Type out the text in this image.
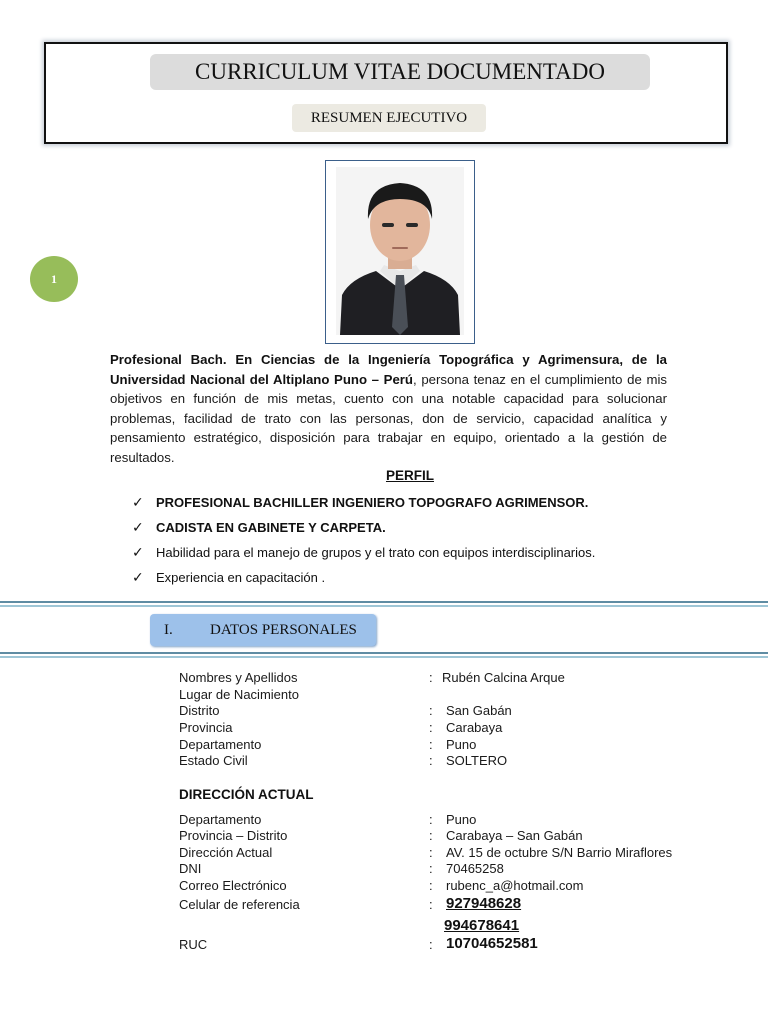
CURRICULUM VITAE DOCUMENTADO
RESUMEN EJECUTIVO
1
Profesional Bach. En Ciencias de la Ingeniería Topográfica y Agrimensura, de la Universidad Nacional del Altiplano Puno – Perú, persona tenaz en el cumplimiento de mis objetivos en función de mis metas, cuento con una notable capacidad para solucionar problemas, facilidad de trato con las personas, don de servicio, capacidad analítica y pensamiento estratégico, disposición para trabajar en equipo, orientado a la gestión de resultados.
PERFIL
✓ PROFESIONAL BACHILLER INGENIERO TOPOGRAFO AGRIMENSOR.
✓ CADISTA EN GABINETE Y CARPETA.
✓ Habilidad para el manejo de grupos y el trato con equipos interdisciplinarios.
✓ Experiencia en capacitación .
I.	DATOS PERSONALES
Nombres y Apellidos	: Rubén Calcina Arque
Lugar de Nacimiento
Distrito	: San Gabán
Provincia	: Carabaya
Departamento	: Puno
Estado Civil	: SOLTERO
DIRECCIÓN ACTUAL
Departamento	: Puno
Provincia – Distrito	: Carabaya – San Gabán
Dirección Actual	: AV. 15 de octubre S/N Barrio Miraflores
DNI	: 70465258
Correo Electrónico	: rubenc_a@hotmail.com
Celular de referencia	: 927948628
994678641
RUC	: 10704652581
